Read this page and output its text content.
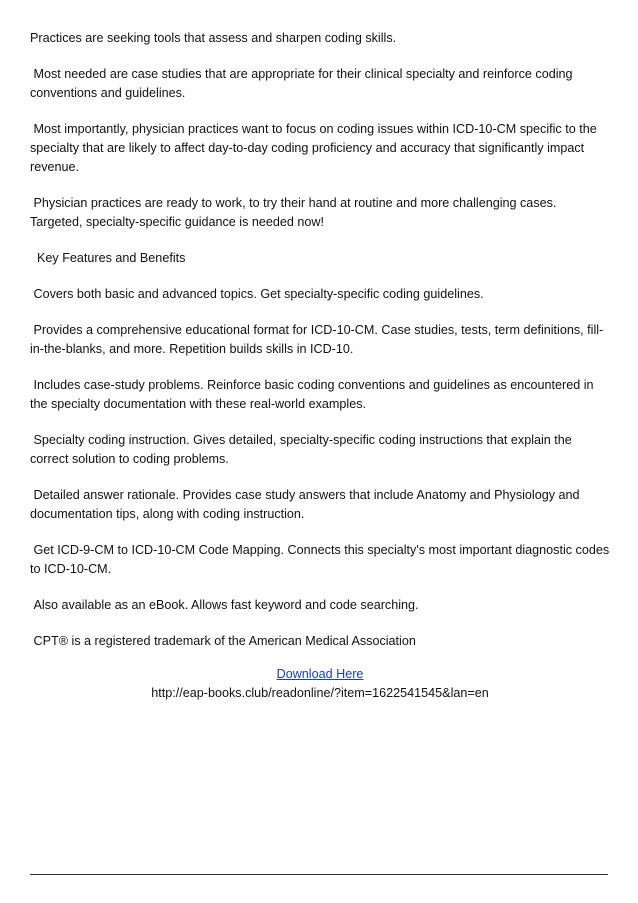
Practices are seeking tools that assess and sharpen coding skills.

Most needed are case studies that are appropriate for their clinical specialty and reinforce coding conventions and guidelines.

Most importantly, physician practices want to focus on coding issues within ICD-10-CM specific to the specialty that are likely to affect day-to-day coding proficiency and accuracy that significantly impact revenue.

Physician practices are ready to work, to try their hand at routine and more challenging cases. Targeted, specialty-specific guidance is needed now!

Key Features and Benefits

Covers both basic and advanced topics. Get specialty-specific coding guidelines.

Provides a comprehensive educational format for ICD-10-CM. Case studies, tests, term definitions, fill-in-the-blanks, and more. Repetition builds skills in ICD-10.

Includes case-study problems. Reinforce basic coding conventions and guidelines as encountered in the specialty documentation with these real-world examples.

Specialty coding instruction. Gives detailed, specialty-specific coding instructions that explain the correct solution to coding problems.

Detailed answer rationale. Provides case study answers that include Anatomy and Physiology and documentation tips, along with coding instruction.

Get ICD-9-CM to ICD-10-CM Code Mapping. Connects this specialty's most important diagnostic codes to ICD-10-CM.

Also available as an eBook. Allows fast keyword and code searching.

CPT® is a registered trademark of the American Medical Association

Download Here
http://eap-books.club/readonline/?item=1622541545&lan=en
